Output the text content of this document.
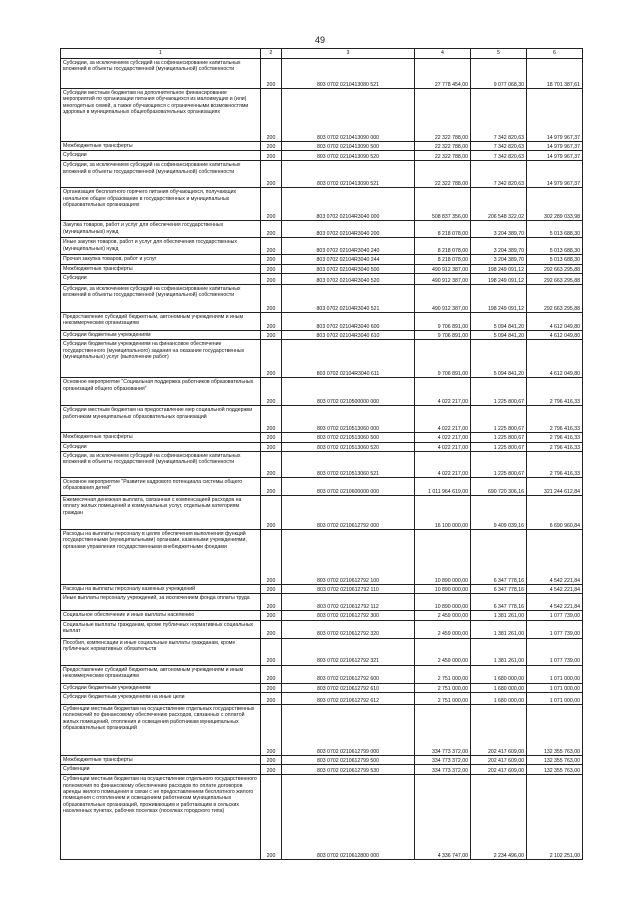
49
1	2	3	4	5	6
Субсидии, за исключением субсидий на софинансирование капитальных вложений в объекты государственной (муниципальной) собственности	200	803 0702 0210413080 521	27 778 454,00	9 077 068,30	18 701 387,61
Субсидии местным бюджетам на дополнительное финансирование мероприятий по организации питания обучающихся из малоимущих и (или) многодетных семей, а также обучающихся с ограниченными возможностями здоровья в муниципальных общеобразовательных организациях	200	803 0702 0210413090 000	22 322 788,00	7 342 820,63	14 979 967,37
Межбюджетные трансферты	200	803 0702 0210413090 500	22 322 788,00	7 342 820,63	14 979 967,37
Субсидии	200	803 0702 0210413090 520	22 322 788,00	7 342 820,63	14 979 967,37
Субсидии, за исключением субсидий на софинансирование капитальных вложений в объекты государственной (муниципальной) собственности	200	803 0702 0210413090 521	22 322 788,00	7 342 820,63	14 979 967,37
Организация бесплатного горячего питания обучающихся, получающих начальное общее образование в государственных и муниципальных образовательных организациях	200	803 0702 02104R3040 000	508 837 356,00	206 548 322,02	302 289 033,98
Закупка товаров, работ и услуг для обеспечения государственных (муниципальных) нужд	200	803 0702 02104R3040 200	8 218 078,00	3 204 389,70	5 013 688,30
Иные закупки товаров, работ и услуг для обеспечения государственных (муниципальных) нужд	200	803 0702 02104R3040 240	8 218 078,00	3 204 389,70	5 013 688,30
Прочая закупка товаров, работ и услуг	200	803 0702 02104R3040 244	8 218 078,00	3 204 389,70	5 013 688,30
Межбюджетные трансферты	200	803 0702 02104R3040 500	490 912 387,00	198 249 091,12	292 663 295,88
Субсидии	200	803 0702 02104R3040 520	490 912 387,00	198 249 091,12	292 663 295,88
Субсидии, за исключением субсидий на софинансирование капитальных вложений в объекты государственной (муниципальной) собственности	200	803 0702 02104R3040 521	490 912 387,00	198 249 091,12	292 663 295,88
Предоставление субсидий бюджетным, автономным учреждениям и иным некоммерческим организациям	200	803 0702 02104R3040 600	9 706 891,00	5 094 841,20	4 612 049,80
Субсидии бюджетным учреждениям	200	803 0702 02104R3040 610	9 706 891,00	5 094 841,20	4 612 049,80
Субсидии бюджетным учреждениям на финансовое обеспечение государственного (муниципального) задания на оказание государственных (муниципальных) услуг (выполнение работ)	200	803 0702 02104R3040 611	9 706 891,00	5 094 841,20	4 612 049,80
Основное мероприятие "Социальная поддержка работников образовательных организаций общего образования"	200	803 0702 0210500000 000	4 022 217,00	1 225 800,67	2 796 416,33
Субсидии местным бюджетам на предоставление мер социальной поддержки работникам муниципальных образовательных организаций	200	803 0702 0210513060 000	4 022 217,00	1 225 800,67	2 796 416,33
Межбюджетные трансферты	200	803 0702 0210513060 500	4 022 217,00	1 225 800,67	2 796 416,33
Субсидии	200	803 0702 0210513060 520	4 022 217,00	1 225 800,67	2 796 416,33
Субсидии, за исключением субсидий на софинансирование капитальных вложений в объекты государственной (муниципальной) собственности	200	803 0702 0210513060 521	4 022 217,00	1 225 800,67	2 796 416,33
Основное мероприятие "Развитие кадрового потенциала системы общего образования детей"	200	803 0702 0210600000 000	1 011 964 619,00	690 720 306,16	321 244 612,84
Ежемесячная денежная выплата, связанная с компенсацией расходов на оплату жилых помещений и коммунальных услуг, отдельным категориям граждан	200	803 0702 0210612792 000	16 100 000,00	9 409 039,16	6 690 960,84
Расходы на выплаты персоналу в целях обеспечения выполнения функций государственными (муниципальными) органами, казенными учреждениями, органами управления государственными внебюджетными фондами	200	803 0702 0210612792 100	10 890 000,00	6 347 778,16	4 542 221,84
Расходы на выплаты персоналу казенных учреждений	200	803 0702 0210612792 110	10 890 000,00	6 347 778,16	4 542 221,84
Иные выплаты персоналу учреждений, за исключением фонда оплаты труда	200	803 0702 0210612792 112	10 890 000,00	6 347 778,16	4 542 221,84
Социальное обеспечение и иные выплаты населению	200	803 0702 0210612792 300	2 459 000,00	1 381 261,00	1 077 739,00
Социальные выплаты гражданам, кроме публичных нормативных социальных выплат	200	803 0702 0210612792 320	2 459 000,00	1 381 261,00	1 077 739,00
Пособия, компенсации и иные социальные выплаты гражданам, кроме публичных нормативных обязательств	200	803 0702 0210612792 321	2 459 000,00	1 381 261,00	1 077 739,00
Предоставление субсидий бюджетным, автономным учреждениям и иным некоммерческим организациям	200	803 0702 0210612792 600	2 751 000,00	1 680 000,00	1 071 000,00
Субсидии бюджетным учреждениям	200	803 0702 0210612792 610	2 751 000,00	1 680 000,00	1 071 000,00
Субсидии бюджетным учреждениям на иные цели	200	803 0702 0210612792 612	2 751 000,00	1 680 000,00	1 071 000,00
Субвенции местным бюджетам на осуществление отдельных государственных полномочий по финансовому обеспечению расходов, связанных с оплатой жилых помещений, отопления и освещения работникам муниципальных образовательных организаций	200	803 0702 0210612799 000	334 773 372,00	202 417 609,00	132 355 763,00
Межбюджетные трансферты	200	803 0702 0210612799 500	334 773 372,00	202 417 609,00	132 355 763,00
Субвенции	200	803 0702 0210612799 530	334 773 372,00	202 417 609,00	132 355 763,00
Субвенции местным бюджетам на осуществление отдельного государственного полномочия по финансовому обеспечению расходов по оплате договоров аренды жилого помещения в связи с не предоставлением бесплатного жилого помещения с отоплением и освещением работникам муниципальных образовательных организаций, проживающим и работающим в сельских населенных пунктах, рабочих поселках (поселках городского типа)	200	803 0702 0210612800 000	4 336 747,00	2 234 496,00	2 102 251,00
